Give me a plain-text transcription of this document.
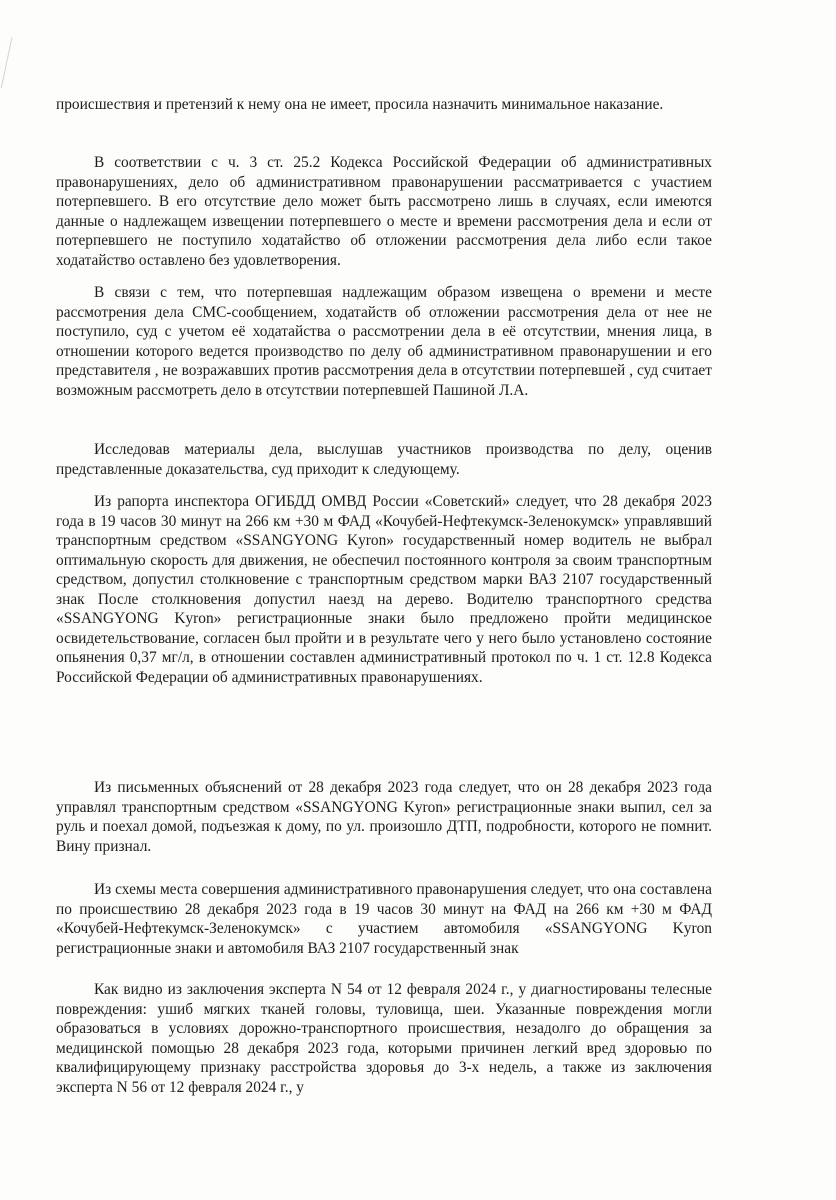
происшествия и претензий к нему она не имеет, просила назначить минимальное наказание.

В соответствии с ч. 3 ст. 25.2 Кодекса Российской Федерации об административных правонарушениях, дело об административном правонарушении рассматривается с участием потерпевшего. В его отсутствие дело может быть рассмотрено лишь в случаях, если имеются данные о надлежащем извещении потерпевшего о месте и времени рассмотрения дела и если от потерпевшего не поступило ходатайство об отложении рассмотрения дела либо если такое ходатайство оставлено без удовлетворения.

В связи с тем, что потерпевшая надлежащим образом извещена о времени и месте рассмотрения дела СМС-сообщением, ходатайств об отложении рассмотрения дела от нее не поступило, суд с учетом её ходатайства о рассмотрении дела в её отсутствии, мнения лица, в отношении которого ведется производство по делу об административном правонарушении и его представителя , не возражавших против рассмотрения дела в отсутствии потерпевшей , суд считает возможным рассмотреть дело в отсутствии потерпевшей Пашиной Л.А.

Исследовав материалы дела, выслушав участников производства по делу, оценив представленные доказательства, суд приходит к следующему.

Из рапорта инспектора ОГИБДД ОМВД России «Советский» следует, что 28 декабря 2023 года в 19 часов 30 минут на 266 км +30 м ФАД «Кочубей-Нефтекумск-Зеленокумск» управлявший транспортным средством «SSANGYONG Kyron» государственный номер водитель не выбрал оптимальную скорость для движения, не обеспечил постоянного контроля за своим транспортным средством, допустил столкновение с транспортным средством марки ВАЗ 2107 государственный знак После столкновения допустил наезд на дерево. Водителю транспортного средства «SSANGYONG Kyron» регистрационные знаки было предложено пройти медицинское освидетельствование, согласен был пройти и в результате чего у него было установлено состояние опьянения 0,37 мг/л, в отношении составлен административный протокол по ч. 1 ст. 12.8 Кодекса Российской Федерации об административных правонарушениях.

Из письменных объяснений от 28 декабря 2023 года следует, что он 28 декабря 2023 года управлял транспортным средством «SSANGYONG Kyron» регистрационные знаки выпил, сел за руль и поехал домой, подъезжая к дому, по ул. произошло ДТП, подробности, которого не помнит. Вину признал.

Из схемы места совершения административного правонарушения следует, что она составлена по происшествию 28 декабря 2023 года в 19 часов 30 минут на ФАД на 266 км +30 м ФАД «Кочубей-Нефтекумск-Зеленокумск» с участием автомобиля «SSANGYONG Kyron регистрационные знаки и автомобиля ВАЗ 2107 государственный знак

Как видно из заключения эксперта N 54 от 12 февраля 2024 г., у диагностированы телесные повреждения: ушиб мягких тканей головы, туловища, шеи. Указанные повреждения могли образоваться в условиях дорожно-транспортного происшествия, незадолго до обращения за медицинской помощью 28 декабря 2023 года, которыми причинен легкий вред здоровью по квалифицирующему признаку расстройства здоровья до 3-х недель, а также из заключения эксперта N 56 от 12 февраля 2024 г., у
